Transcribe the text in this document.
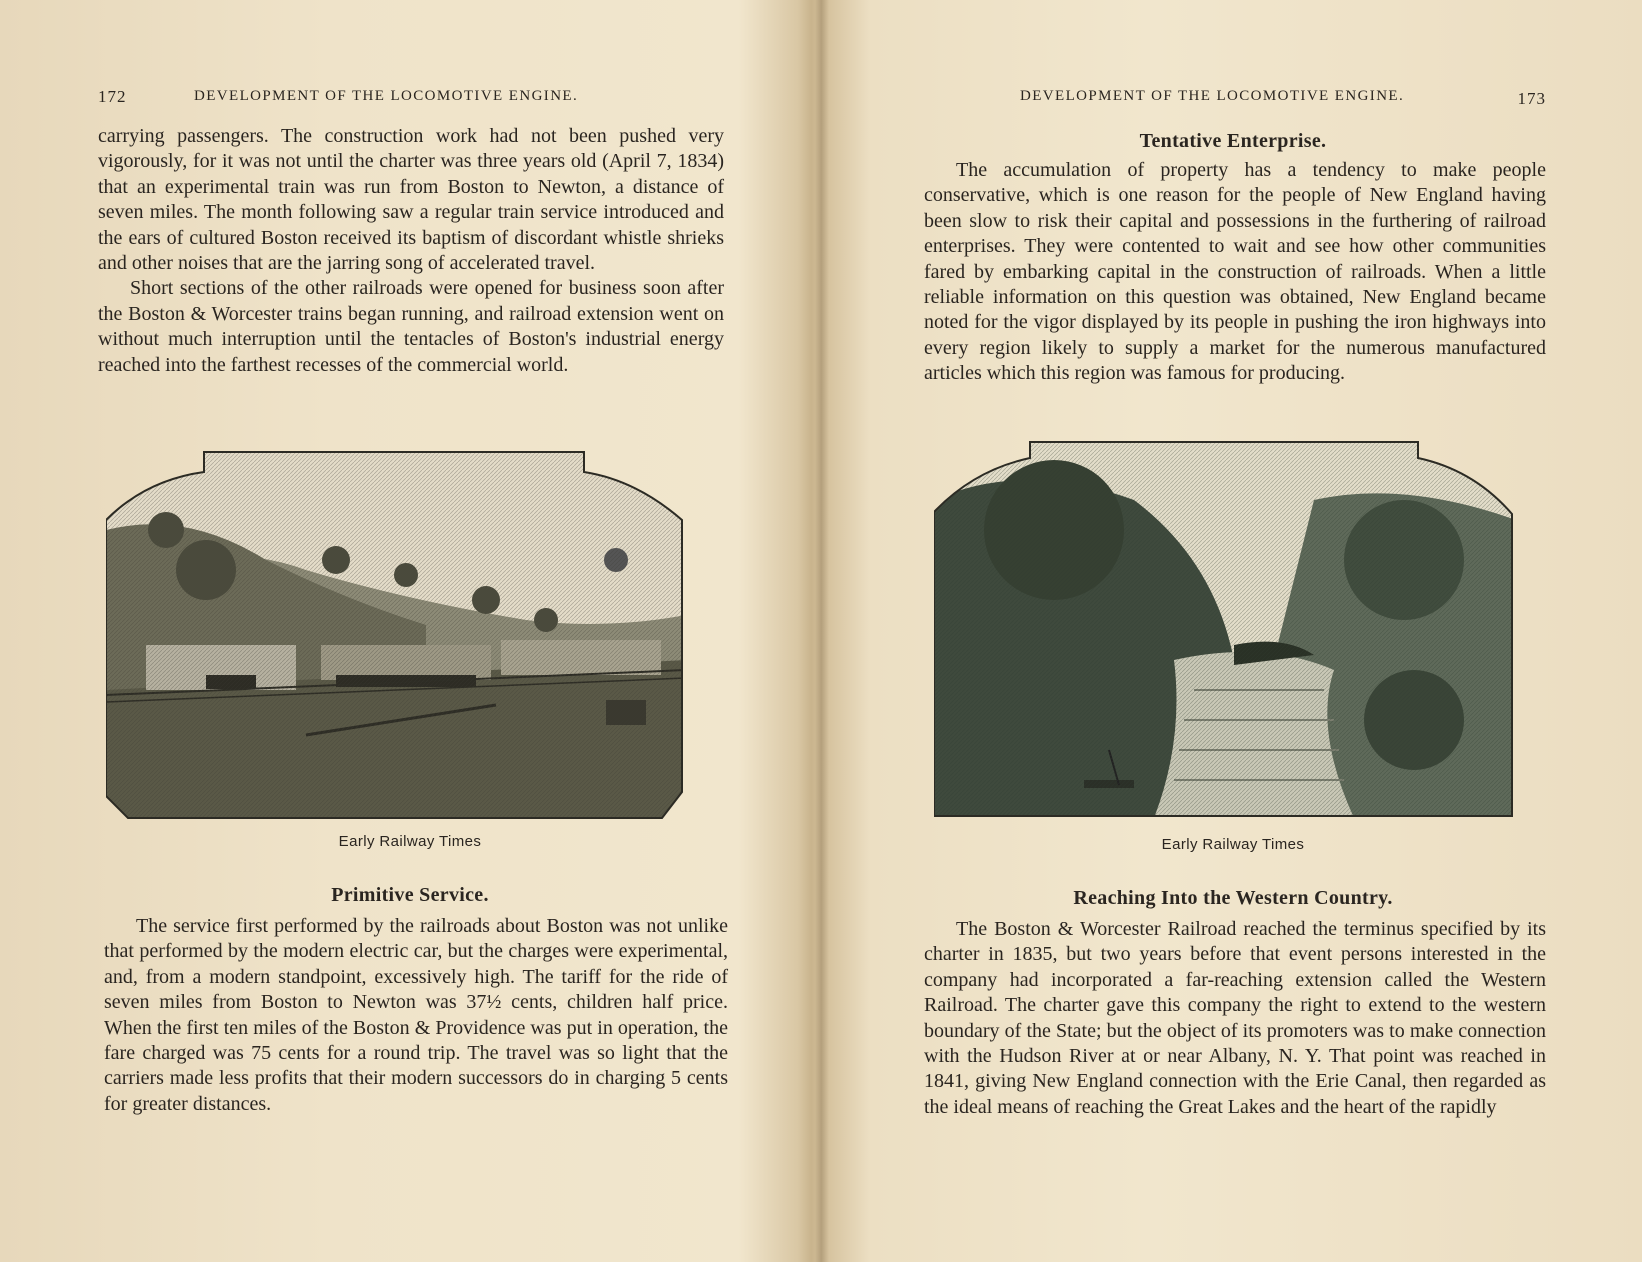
172	DEVELOPMENT OF THE LOCOMOTIVE ENGINE.

carrying passengers. The construction work had not been pushed very vigorously, for it was not until the charter was three years old (April 7, 1834) that an experimental train was run from Boston to Newton, a distance of seven miles. The month following saw a regular train service introduced and the ears of cultured Boston received its baptism of discordant whistle shrieks and other noises that are the jarring song of accelerated travel.

Short sections of the other railroads were opened for business soon after the Boston & Worcester trains began running, and railroad extension went on without much interruption until the tentacles of Boston's industrial energy reached into the farthest recesses of the commercial world.

Early Railway Times
Primitive Service.

The service first performed by the railroads about Boston was not unlike that performed by the modern electric car, but the charges were experimental, and, from a modern standpoint, excessively high. The tariff for the ride of seven miles from Boston to Newton was 37½ cents, children half price. When the first ten miles of the Boston & Providence was put in operation, the fare charged was 75 cents for a round trip. The travel was so light that the carriers made less profits that their modern successors do in charging 5 cents for greater distances.

DEVELOPMENT OF THE LOCOMOTIVE ENGINE.	173
Tentative Enterprise.

The accumulation of property has a tendency to make people conservative, which is one reason for the people of New England having been slow to risk their capital and possessions in the furthering of railroad enterprises. They were contented to wait and see how other communities fared by embarking capital in the construction of railroads. When a little reliable information on this question was obtained, New England became noted for the vigor displayed by its people in pushing the iron highways into every region likely to supply a market for the numerous manufactured articles which this region was famous for producing.

Early Railway Times
Reaching Into the Western Country.

The Boston & Worcester Railroad reached the terminus specified by its charter in 1835, but two years before that event persons interested in the company had incorporated a far-reaching extension called the Western Railroad. The charter gave this company the right to extend to the western boundary of the State; but the object of its promoters was to make connection with the Hudson River at or near Albany, N. Y. That point was reached in 1841, giving New England connection with the Erie Canal, then regarded as the ideal means of reaching the Great Lakes and the heart of the rapidly
